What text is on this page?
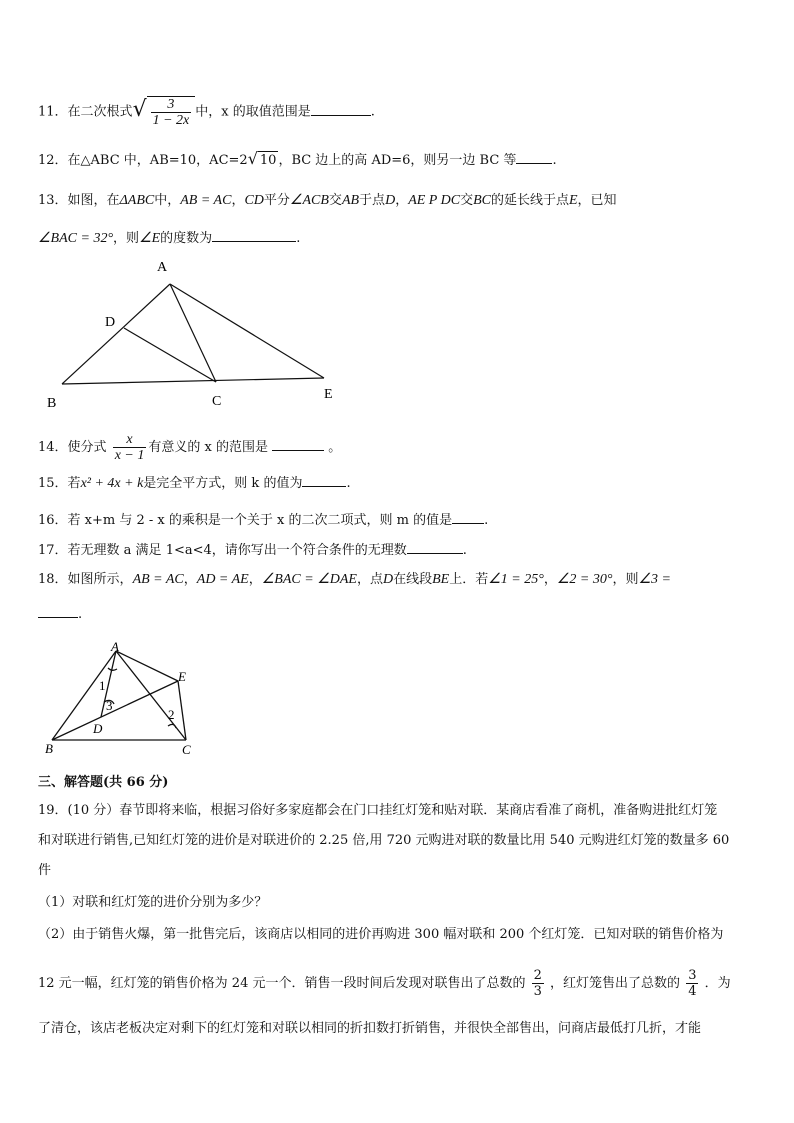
11．在二次根式√ $\frac{3}{1 - 2x}$ 中，x 的取值范围是	.
12．在△ABC 中，AB=10，AC=2√ 10 ，BC 边上的高 AD=6，则另一边 BC 等	.
13．如图，在ΔABC中，AB = AC，CD平分∠ACB交AB于点D，AE P DC交BC的延长线于点E，已知
∠BAC = 32°，则∠E的度数为	.
A
D
B	C	E
14．使分式 $\frac{x}{x - 1}$ 有意义的 x 的范围是	。
15．若x² + 4x + k是完全平方式，则 k 的值为	.
16．若 x+m 与 2 - x 的乘积是一个关于 x 的二次二项式，则 m 的值是 .
17．若无理数 a 满足 1<a<4，请你写出一个符合条件的无理数	.
18．如图所示，AB = AC，AD = AE，∠BAC = ∠DAE，点D在线段BE上．若∠1 = 25°，∠2 = 30°，则∠3 =
.
A
E
B	C
D
1
3
2
三、解答题(共 66 分)
19．(10 分）春节即将来临，根据习俗好多家庭都会在门口挂红灯笼和贴对联．某商店看准了商机，准备购进批红灯笼
和对联进行销售,已知红灯笼的进价是对联进价的 2.25 倍,用 720 元购进对联的数量比用 540 元购进红灯笼的数量多 60
件
（1）对联和红灯笼的进价分别为多少？
（2）由于销售火爆，第一批售完后，该商店以相同的进价再购进 300 幅对联和 200 个红灯笼．已知对联的销售价格为
12 元一幅，红灯笼的销售价格为 24 元一个．销售一段时间后发现对联售出了总数的 $\frac{2}{3}$ ，红灯笼售出了总数的 $\frac{3}{4}$ ．为
了清仓，该店老板决定对剩下的红灯笼和对联以相同的折扣数打折销售，并很快全部售出，问商店最低打几折，才能
